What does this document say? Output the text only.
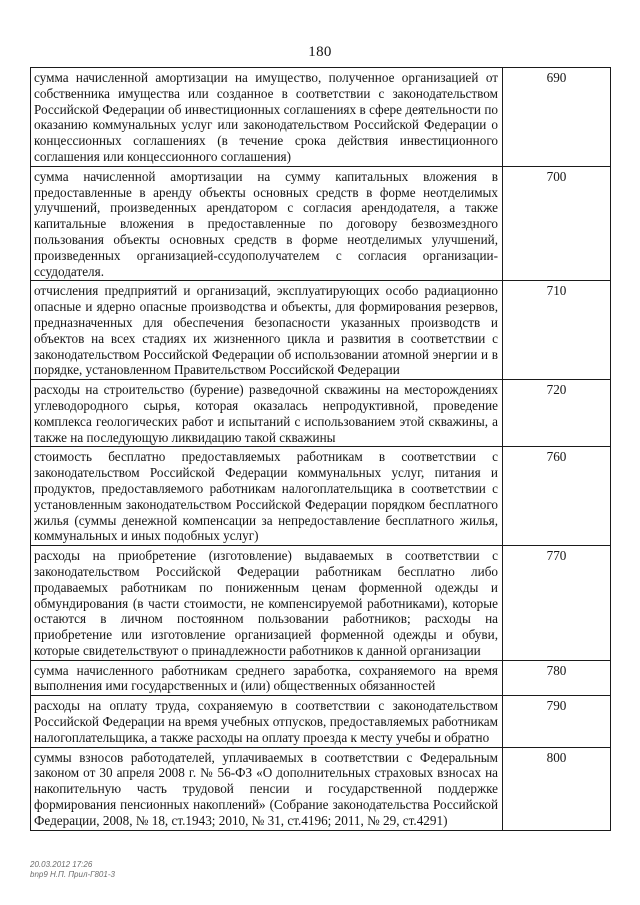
180
сумма начисленной амортизации на имущество, полученное организацией от собственника имущества или созданное в соответствии с законодательством Российской Федерации об инвестиционных соглашениях в сфере деятельности по оказанию коммунальных услуг или законодательством Российской Федерации о концессионных соглашениях (в течение срока действия инвестиционного соглашения или концессионного соглашения)	690
сумма начисленной амортизации на сумму капитальных вложения в предоставленные в аренду объекты основных средств в форме неотделимых улучшений, произведенных арендатором с согласия арендодателя, а также капитальные вложения в предоставленные по договору безвозмездного пользования объекты основных средств в форме неотделимых улучшений, произведенных организацией-ссудополучателем с согласия организации-ссудодателя.	700
отчисления предприятий и организаций, эксплуатирующих особо радиационно опасные и ядерно опасные производства и объекты, для формирования резервов, предназначенных для обеспечения безопасности указанных производств и объектов на всех стадиях их жизненного цикла и развития в соответствии с законодательством Российской Федерации об использовании атомной энергии и в порядке, установленном Правительством Российской Федерации	710
расходы на строительство (бурение) разведочной скважины на месторождениях углеводородного сырья, которая оказалась непродуктивной, проведение комплекса геологических работ и испытаний с использованием этой скважины, а также на последующую ликвидацию такой скважины	720
стоимость бесплатно предоставляемых работникам в соответствии с законодательством Российской Федерации коммунальных услуг, питания и продуктов, предоставляемого работникам налогоплательщика в соответствии с установленным законодательством Российской Федерации порядком бесплатного жилья (суммы денежной компенсации за непредоставление бесплатного жилья, коммунальных и иных подобных услуг)	760
расходы на приобретение (изготовление) выдаваемых в соответствии с законодательством Российской Федерации работникам бесплатно либо продаваемых работникам по пониженным ценам форменной одежды и обмундирования (в части стоимости, не компенсируемой работниками), которые остаются в личном постоянном пользовании работников; расходы на приобретение или изготовление организацией форменной одежды и обуви, которые свидетельствуют о принадлежности работников к данной организации	770
сумма начисленного работникам среднего заработка, сохраняемого на время выполнения ими государственных и (или) общественных обязанностей	780
расходы на оплату труда, сохраняемую в соответствии с законодательством Российской Федерации на время учебных отпусков, предоставляемых работникам налогоплательщика, а также расходы на оплату проезда к месту учебы и обратно	790
суммы взносов работодателей, уплачиваемых в соответствии с Федеральным законом от 30 апреля 2008 г. № 56-ФЗ «О дополнительных страховых взносах на накопительную часть трудовой пенсии и государственной поддержке формирования пенсионных накоплений» (Собрание законодательства Российской Федерации, 2008, № 18, ст.1943; 2010, № 31, ст.4196; 2011, № 29, ст.4291)	800
20.03.2012 17:26
bnp9 Н.П. Прил-Г801-3
